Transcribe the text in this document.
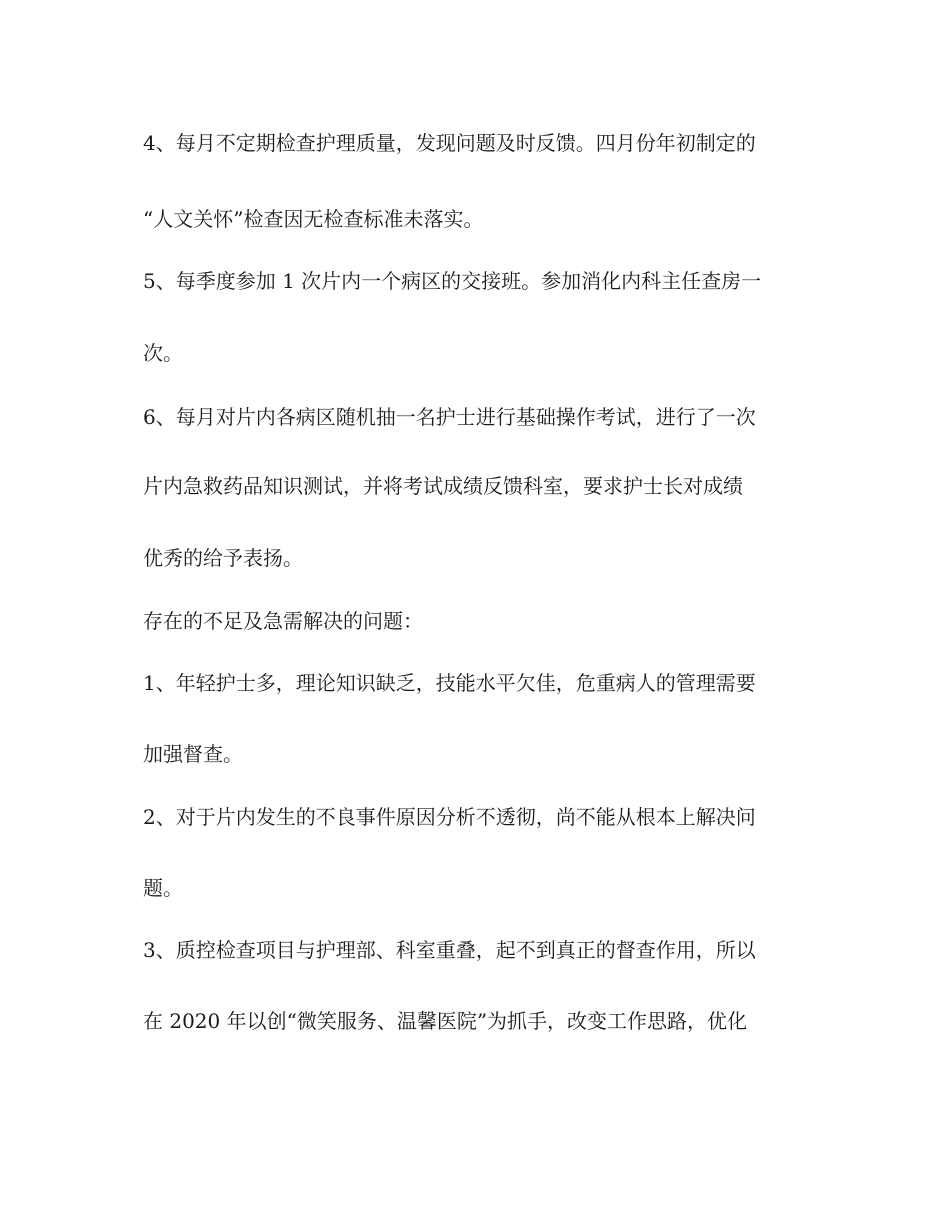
4、每月不定期检查护理质量，发现问题及时反馈。四月份年初制定的

“人文关怀”检查因无检查标准未落实。

5、每季度参加 1 次片内一个病区的交接班。参加消化内科主任查房一

次。

6、每月对片内各病区随机抽一名护士进行基础操作考试，进行了一次

片内急救药品知识测试，并将考试成绩反馈科室，要求护士长对成绩

优秀的给予表扬。

存在的不足及急需解决的问题：

1、年轻护士多，理论知识缺乏，技能水平欠佳，危重病人的管理需要

加强督查。

2、对于片内发生的不良事件原因分析不透彻，尚不能从根本上解决问

题。

3、质控检查项目与护理部、科室重叠，起不到真正的督查作用，所以

在 2020 年以创“微笑服务、温馨医院”为抓手，改变工作思路，优化
